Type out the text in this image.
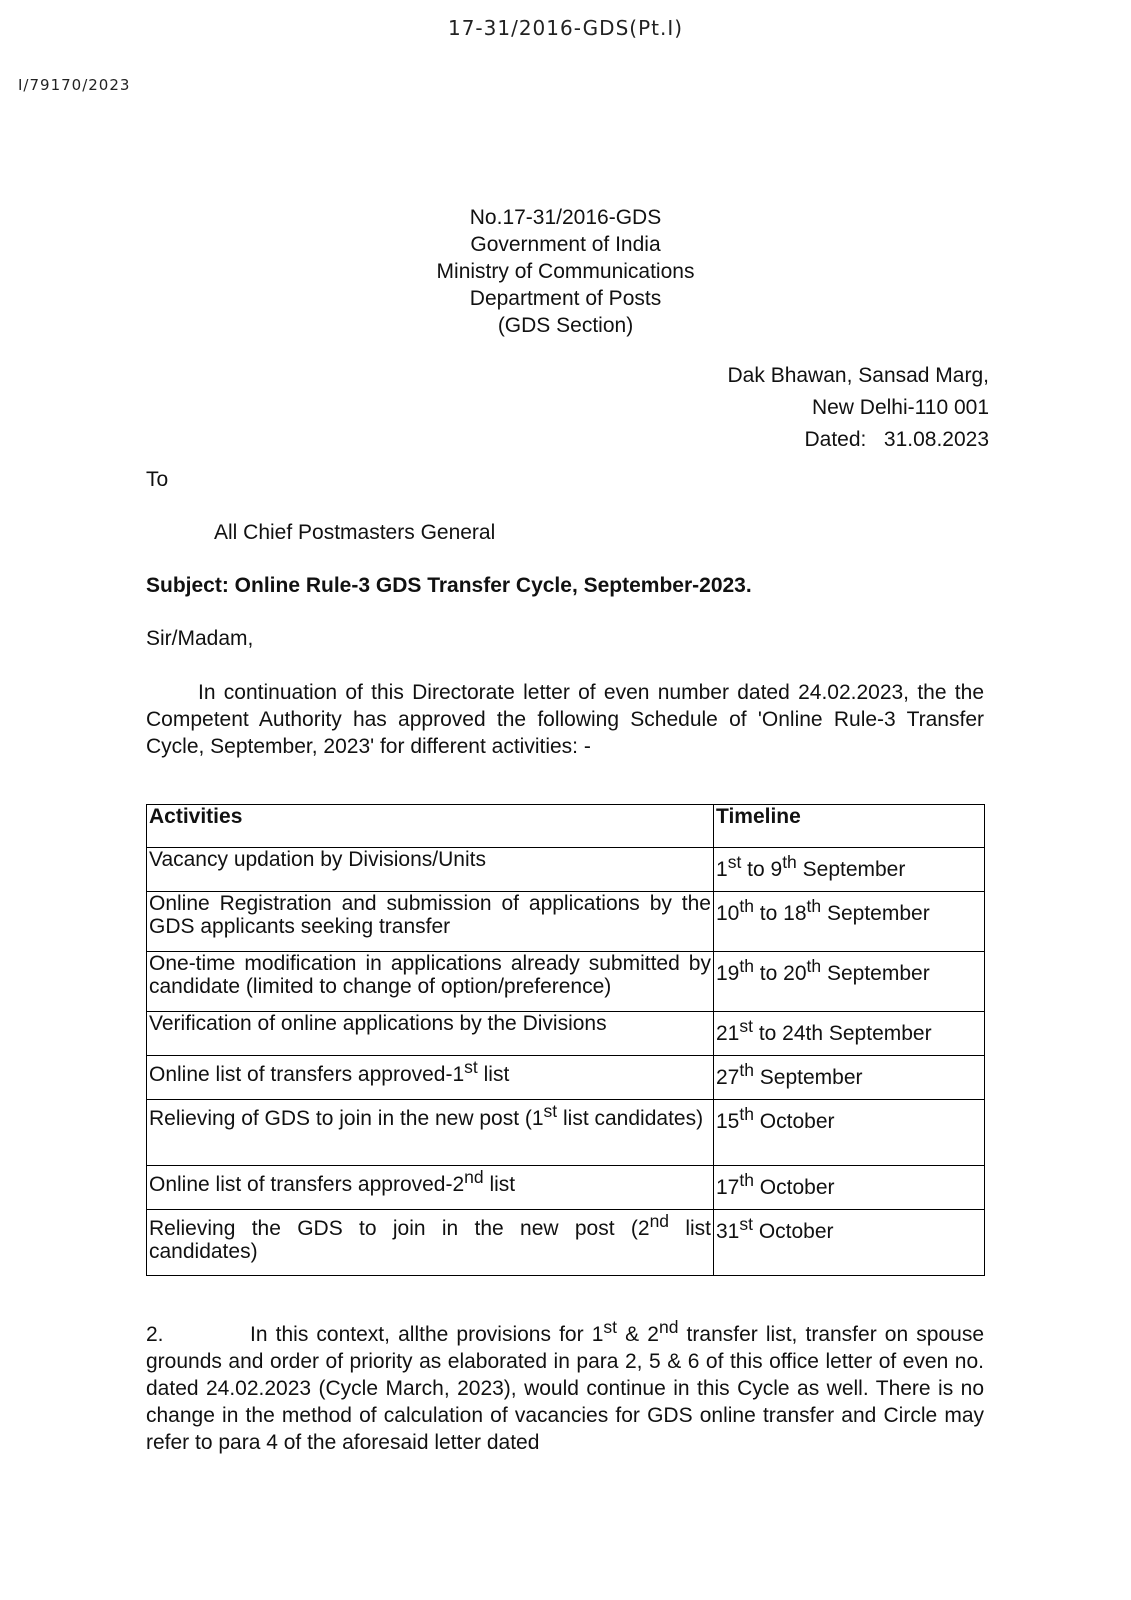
17-31/2016-GDS(Pt.I)
I/79170/2023
No.17-31/2016-GDS
Government of India
Ministry of Communications
Department of Posts
(GDS Section)
Dak Bhawan, Sansad Marg,
New Delhi-110 001
Dated: 31.08.2023
To
All Chief Postmasters General
Subject: Online Rule-3 GDS Transfer Cycle, September-2023.
Sir/Madam,

In continuation of this Directorate letter of even number dated 24.02.2023, the the Competent Authority has approved the following Schedule of 'Online Rule-3 Transfer Cycle, September, 2023' for different activities: -

Activities	Timeline
Vacancy updation by Divisions/Units	1st to 9th September
Online Registration and submission of applications by the GDS applicants seeking transfer	10th to 18th September
One-time modification in applications already submitted by candidate (limited to change of option/preference)	19th to 20th September
Verification of online applications by the Divisions	21st to 24th September
Online list of transfers approved-1st list	27th September
Relieving of GDS to join in the new post (1st list candidates)	15th October
Online list of transfers approved-2nd list	17th October
Relieving the GDS to join in the new post (2nd list candidates)	31st October

2.	In this context, allthe provisions for 1st & 2nd transfer list, transfer on spouse grounds and order of priority as elaborated in para 2, 5 & 6 of this office letter of even no. dated 24.02.2023 (Cycle March, 2023), would continue in this Cycle as well. There is no change in the method of calculation of vacancies for GDS online transfer and Circle may refer to para 4 of the aforesaid letter dated
